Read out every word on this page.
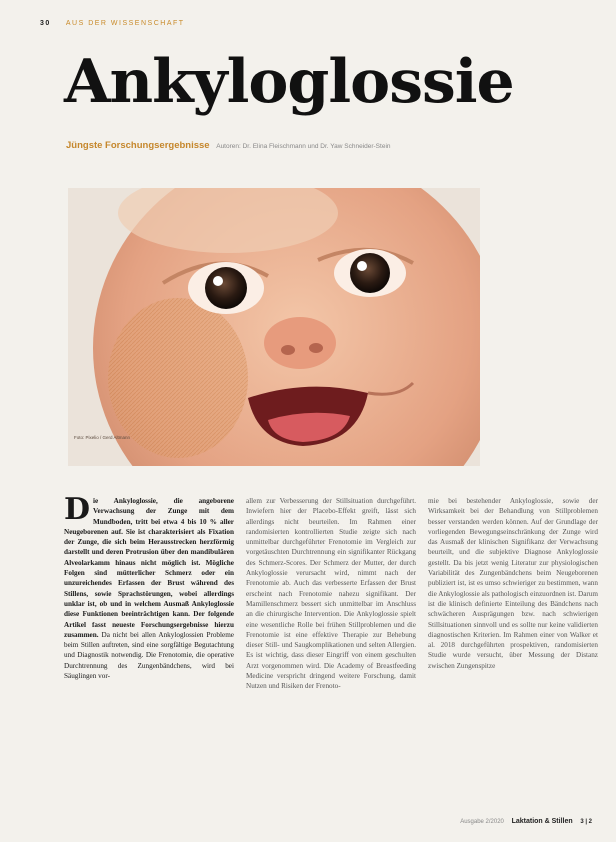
30 AUS DER WISSENSCHAFT
Ankyloglossie
Jüngste Forschungsergebnisse Autoren: Dr. Elina Fleischmann und Dr. Yaw Schneider-Stein
Foto: Pixelio / Gerd Altmann

Die Ankyloglossie, die angeborene Verwachsung der Zunge mit dem Mundboden, tritt bei etwa 4 bis 10 % aller Neugeborenen auf. Sie ist charakterisiert als Fixation der Zunge, die sich beim Herausstrecken herzförmig darstellt und deren Protrusion über den mandibulären Alveolarkamm hinaus nicht möglich ist. Mögliche Folgen sind mütterlicher Schmerz oder ein unzureichendes Erfassen der Brust während des Stillens, sowie Sprachstörungen, wobei allerdings unklar ist, ob und in welchem Ausmaß Ankyloglossie diese Funktionen beeinträchtigen kann. Der folgende Artikel fasst neueste Forschungsergebnisse hierzu zusammen. Da nicht bei allen Ankyloglossien Probleme beim Stillen auftreten, sind eine sorgfältige Begutachtung und Diagnostik notwendig. Die Frenotomie, die operative Durchtrennung des Zungenbändchens, wird bei Säuglingen vor-

allem zur Verbesserung der Stillsituation durchgeführt. Inwiefern hier der Placebo-Effekt greift, lässt sich allerdings nicht beurteilen. Im Rahmen einer randomisierten kontrollierten Studie zeigte sich nach unmittelbar durchgeführter Frenotomie im Vergleich zur vorgetäuschten Durchtrennung ein signifikanter Rückgang des Schmerz-Scores. Der Schmerz der Mutter, der durch Ankyloglossie verursacht wird, nimmt nach der Frenotomie ab. Auch das verbesserte Erfassen der Brust erscheint nach Frenotomie nahezu signifikant. Der Mamillenschmerz bessert sich unmittelbar im Anschluss an die chirurgische Intervention. Die Ankyloglossie spielt eine wesentliche Rolle bei frühen Stillproblemen und die Frenotomie ist eine effektive Therapie zur Behebung dieser Still- und Saugkomplikationen und selten Allergien. Es ist wichtig, dass dieser Eingriff von einem geschulten Arzt vorgenommen wird. Die Academy of Breastfeeding Medicine verspricht dringend weitere Forschung, damit Nutzen und Risiken der Frenoto-

mie bei bestehender Ankyloglossie, sowie der Wirksamkeit bei der Behandlung von Stillproblemen besser verstanden werden können. Auf der Grundlage der vorliegenden Bewegungseinschränkung der Zunge wird das Ausmaß der klinischen Signifikanz der Verwachsung beurteilt, und die subjektive Diagnose Ankyloglossie gestellt. Da bis jetzt wenig Literatur zur physiologischen Variabilität des Zungenbändchens beim Neugeborenen publiziert ist, ist es umso schwieriger zu bestimmen, wann die Ankyloglossie als pathologisch einzuordnen ist. Darum ist die klinisch definierte Einteilung des Bändchens nach schwächeren Ausprägungen bzw. nach schwierigen Stillsituationen sinnvoll und es sollte nur keine validierten diagnostischen Kriterien. Im Rahmen einer von Walker et al. 2018 durchgeführten prospektiven, randomisierten Studie wurde versucht, über Messung der Distanz zwischen Zungenspitze

Ausgabe 2/2020 Laktation & Stillen 3 | 2
